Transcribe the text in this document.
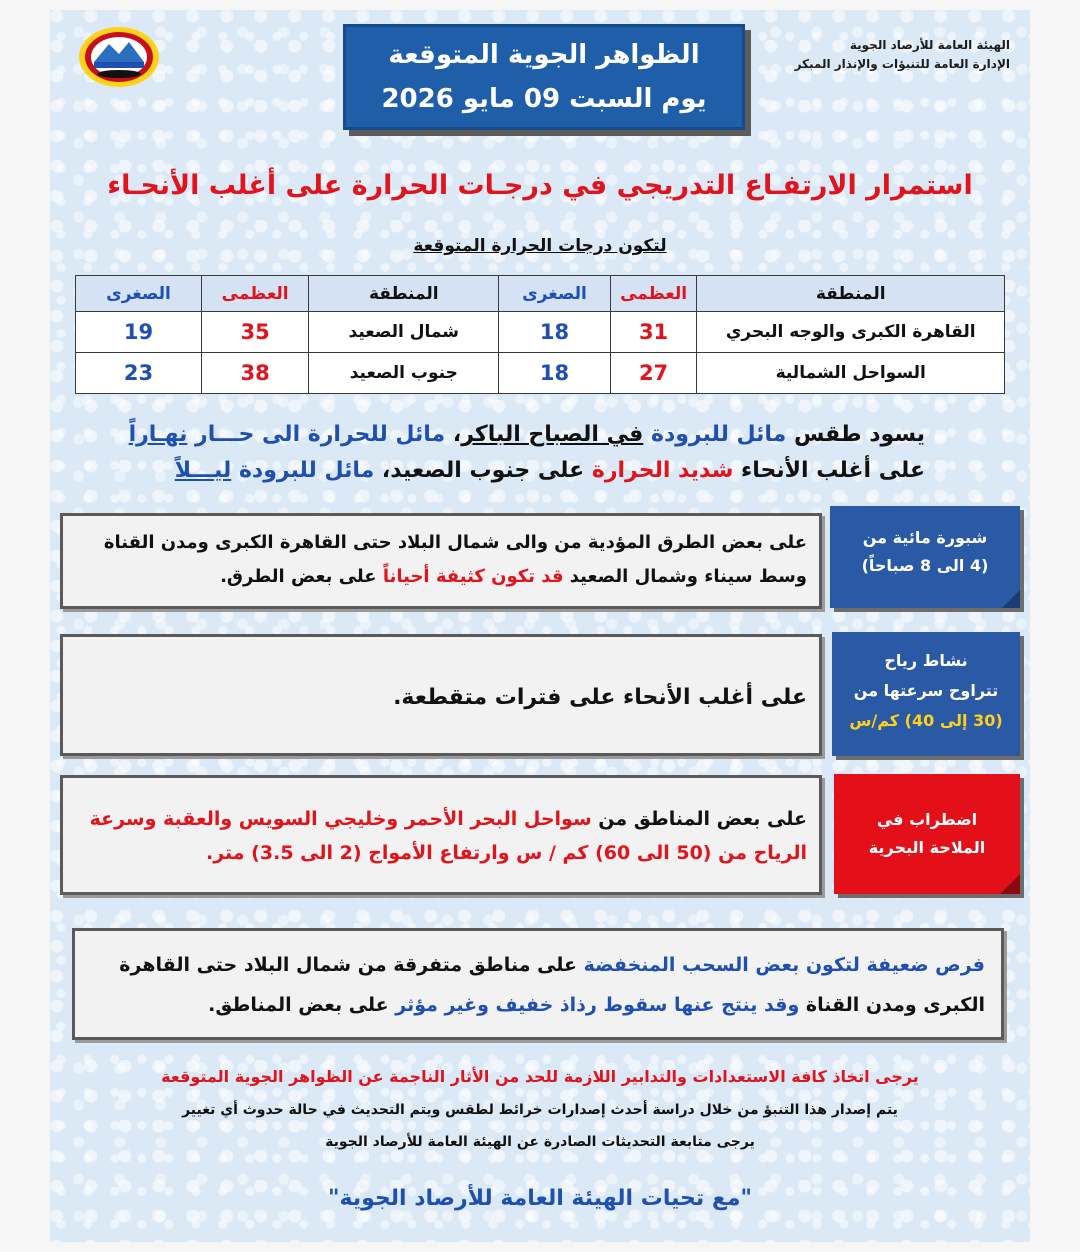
الهيئة العامة للأرصاد الجوية
الإدارة العامة للتنبؤات والإنذار المبكر
الظواهر الجوية المتوقعة
يوم السبت 09 مايو 2026
استمرار الارتفـاع التدريجي في درجـات الحرارة على أغلب الأنحـاء
لتكون درجات الحرارة المتوقعة
المنطقة	العظمى	الصغرى	المنطقة	العظمى	الصغرى
القاهرة الكبرى والوجه البحري	31	18	شمال الصعيد	35	19
السواحل الشمالية	27	18	جنوب الصعيد	38	23
يسود طقس مائل للبرودة في الصباح الباكر، مائل للحرارة الى حـــار نهـاراً
على أغلب الأنحاء شديد الحرارة على جنوب الصعيد، مائل للبرودة ليـــلاً
شبورة مائية من
(4 الى 8 صباحاً)
على بعض الطرق المؤدية من والى شمال البلاد حتى القاهرة الكبرى ومدن القناة وسط سيناء وشمال الصعيد قد تكون كثيفة أحياناً على بعض الطرق.
نشاط رياح
تتراوح سرعتها من
(30 إلى 40) كم/س
على أغلب الأنحاء على فترات متقطعة.
اضطراب في
الملاحة البحرية
على بعض المناطق من سواحل البحر الأحمر وخليجي السويس والعقبة وسرعة الرياح من (50 الى 60) كم / س وارتفاع الأمواج (2 الى 3.5) متر.
فرص ضعيفة لتكون بعض السحب المنخفضة على مناطق متفرقة من شمال البلاد حتى القاهرة الكبرى ومدن القناة وقد ينتج عنها سقوط رذاذ خفيف وغير مؤثر على بعض المناطق.
يرجى اتخاذ كافة الاستعدادات والتدابير اللازمة للحد من الأثار الناجمة عن الظواهر الجوية المتوقعة
يتم إصدار هذا التنبؤ من خلال دراسة أحدث إصدارات خرائط لطقس ويتم التحديث في حالة حدوث أي تغيير
يرجى متابعة التحديثات الصادرة عن الهيئة العامة للأرصاد الجوية
"مع تحيات الهيئة العامة للأرصاد الجوية"
